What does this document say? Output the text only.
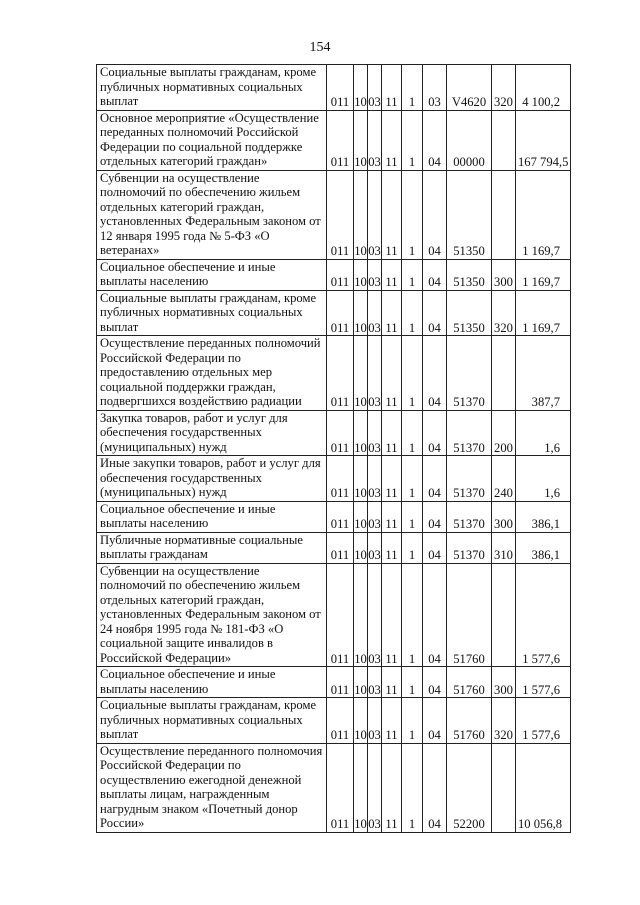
154
Социальные выплаты гражданам, кроме публичных нормативных социальных выплат	011	10	03	11	1	03	V4620	320	4 100,2
Основное мероприятие «Осуществление переданных полномочий Российской Федерации по социальной поддержке отдельных категорий граждан»	011	10	03	11	1	04	00000		167 794,5
Субвенции на осуществление полномочий по обеспечению жильем отдельных категорий граждан, установленных Федеральным законом от 12 января 1995 года № 5-ФЗ «О ветеранах»	011	10	03	11	1	04	51350		1 169,7
Социальное обеспечение и иные выплаты населению	011	10	03	11	1	04	51350	300	1 169,7
Социальные выплаты гражданам, кроме публичных нормативных социальных выплат	011	10	03	11	1	04	51350	320	1 169,7
Осуществление переданных полномочий Российской Федерации по предоставлению отдельных мер социальной поддержки граждан, подвергшихся воздействию радиации	011	10	03	11	1	04	51370		387,7
Закупка товаров, работ и услуг для обеспечения государственных (муниципальных) нужд	011	10	03	11	1	04	51370	200	1,6
Иные закупки товаров, работ и услуг для обеспечения государственных (муниципальных) нужд	011	10	03	11	1	04	51370	240	1,6
Социальное обеспечение и иные выплаты населению	011	10	03	11	1	04	51370	300	386,1
Публичные нормативные социальные выплаты гражданам	011	10	03	11	1	04	51370	310	386,1
Субвенции на осуществление полномочий по обеспечению жильем отдельных категорий граждан, установленных Федеральным законом от 24 ноября 1995 года № 181-ФЗ «О социальной защите инвалидов в Российской Федерации»	011	10	03	11	1	04	51760		1 577,6
Социальное обеспечение и иные выплаты населению	011	10	03	11	1	04	51760	300	1 577,6
Социальные выплаты гражданам, кроме публичных нормативных социальных выплат	011	10	03	11	1	04	51760	320	1 577,6
Осуществление переданного полномочия Российской Федерации по осуществлению ежегодной денежной выплаты лицам, награжденным нагрудным знаком «Почетный донор России»	011	10	03	11	1	04	52200		10 056,8
